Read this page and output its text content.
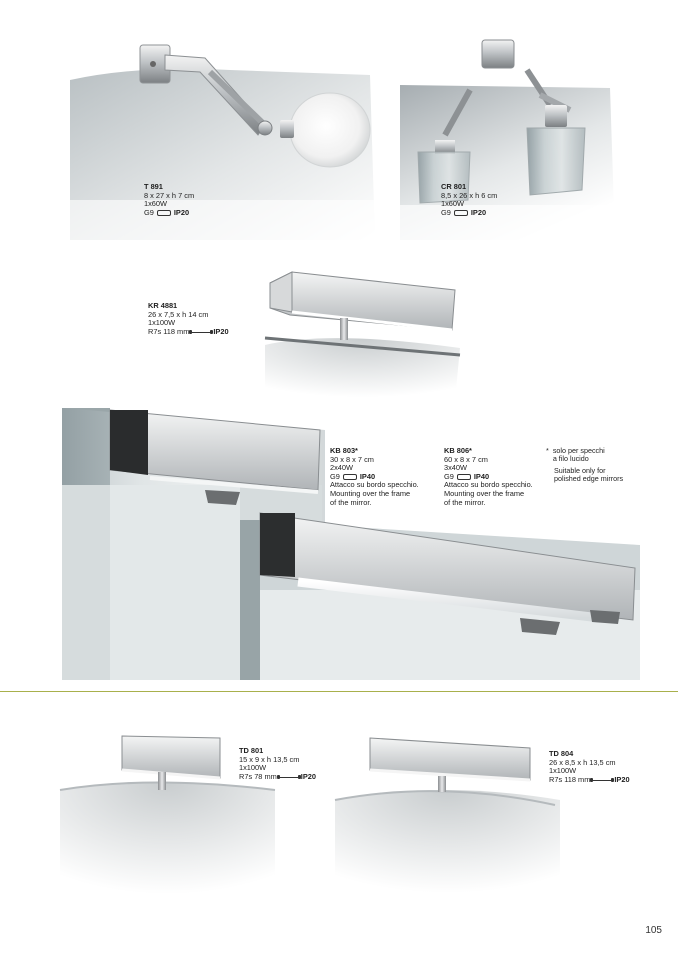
T 891
8 x 27 x h 7 cm
1x60W
G9	IP20
CR 801
8,5 x 26 x h 6 cm
1x60W
G9	IP20
KR 4881
26 x 7,5 x h 14 cm
1x100W
R7s 118 mm	IP20
KB 803*
30 x 8 x 7 cm
2x40W
G9	IP40
Attacco su bordo specchio.
Mounting over the frame
of the mirror.
KB 806*
60 x 8 x 7 cm
3x40W
G9	IP40
Attacco su bordo specchio.
Mounting over the frame
of the mirror.
* solo per specchi
a filo lucido
Suitable only for
polished edge mirrors
TD 801
15 x 9 x h 13,5 cm
1x100W
R7s 78 mm	IP20
TD 804
26 x 8,5 x h 13,5 cm
1x100W
R7s 118 mm	IP20
105
